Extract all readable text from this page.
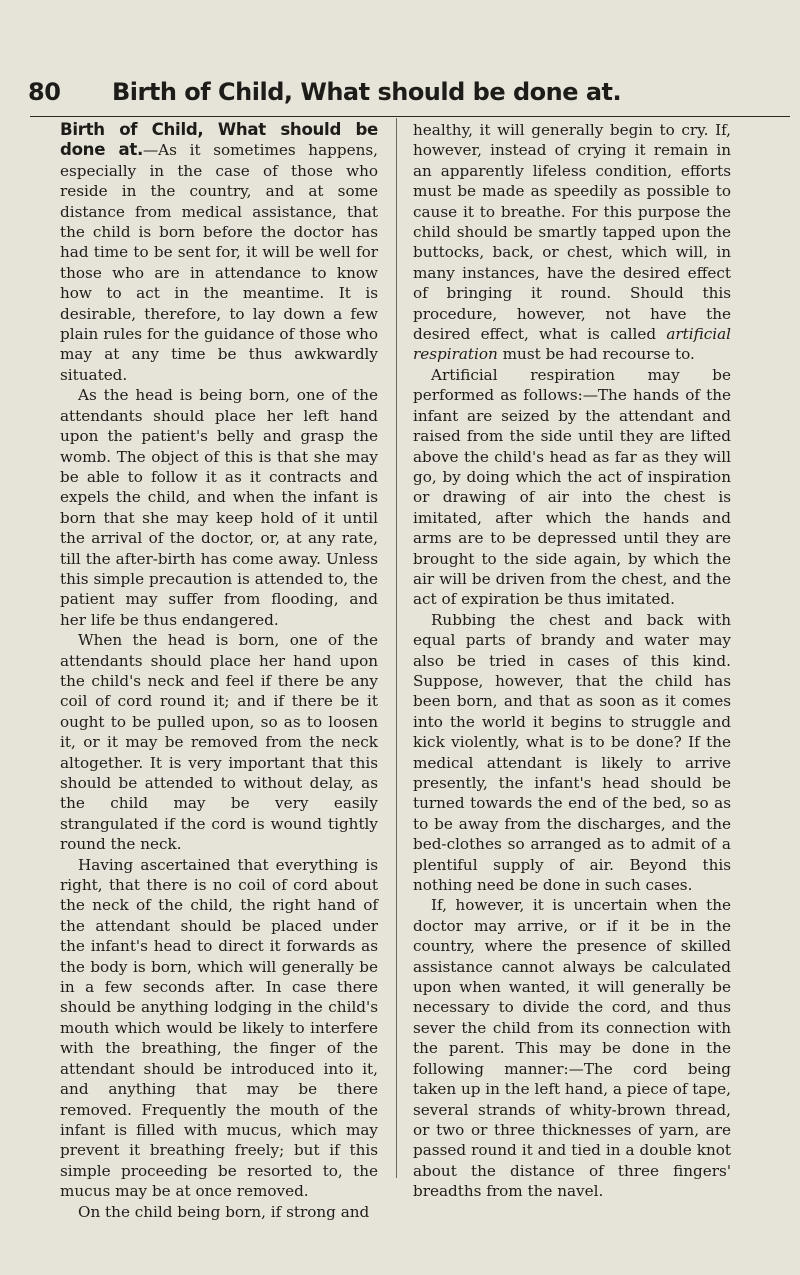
80 Birth of Child, What should be done at.

Birth of Child, What should be done at.—As it sometimes happens, especially in the case of those who reside in the country, and at some distance from medical assistance, that the child is born before the doctor has had time to be sent for, it will be well for those who are in attendance to know how to act in the meantime. It is desirable, therefore, to lay down a few plain rules for the guidance of those who may at any time be thus awkwardly situated.

As the head is being born, one of the attendants should place her left hand upon the patient's belly and grasp the womb. The object of this is that she may be able to follow it as it contracts and expels the child, and when the infant is born that she may keep hold of it until the arrival of the doctor, or, at any rate, till the after-birth has come away. Unless this simple precaution is attended to, the patient may suffer from flooding, and her life be thus endangered.

When the head is born, one of the attendants should place her hand upon the child's neck and feel if there be any coil of cord round it; and if there be it ought to be pulled upon, so as to loosen it, or it may be removed from the neck altogether. It is very important that this should be attended to without delay, as the child may be very easily strangulated if the cord is wound tightly round the neck.

Having ascertained that everything is right, that there is no coil of cord about the neck of the child, the right hand of the attendant should be placed under the infant's head to direct it forwards as the body is born, which will generally be in a few seconds after. In case there should be anything lodging in the child's mouth which would be likely to interfere with the breathing, the finger of the attendant should be introduced into it, and anything that may be there removed. Frequently the mouth of the infant is filled with mucus, which may prevent it breathing freely; but if this simple proceeding be resorted to, the mucus may be at once removed.

On the child being born, if strong and

healthy, it will generally begin to cry. If, however, instead of crying it remain in an apparently lifeless condition, efforts must be made as speedily as possible to cause it to breathe. For this purpose the child should be smartly tapped upon the buttocks, back, or chest, which will, in many instances, have the desired effect of bringing it round. Should this procedure, however, not have the desired effect, what is called artificial respiration must be had recourse to.

Artificial respiration may be performed as follows:—The hands of the infant are seized by the attendant and raised from the side until they are lifted above the child's head as far as they will go, by doing which the act of inspiration or drawing of air into the chest is imitated, after which the hands and arms are to be depressed until they are brought to the side again, by which the air will be driven from the chest, and the act of expiration be thus imitated.

Rubbing the chest and back with equal parts of brandy and water may also be tried in cases of this kind. Suppose, however, that the child has been born, and that as soon as it comes into the world it begins to struggle and kick violently, what is to be done? If the medical attendant is likely to arrive presently, the infant's head should be turned towards the end of the bed, so as to be away from the discharges, and the bed-clothes so arranged as to admit of a plentiful supply of air. Beyond this nothing need be done in such cases.

If, however, it is uncertain when the doctor may arrive, or if it be in the country, where the presence of skilled assistance cannot always be calculated upon when wanted, it will generally be necessary to divide the cord, and thus sever the child from its connection with the parent. This may be done in the following manner:—The cord being taken up in the left hand, a piece of tape, several strands of whity-brown thread, or two or three thicknesses of yarn, are passed round it and tied in a double knot about the distance of three fingers' breadths from the navel.
